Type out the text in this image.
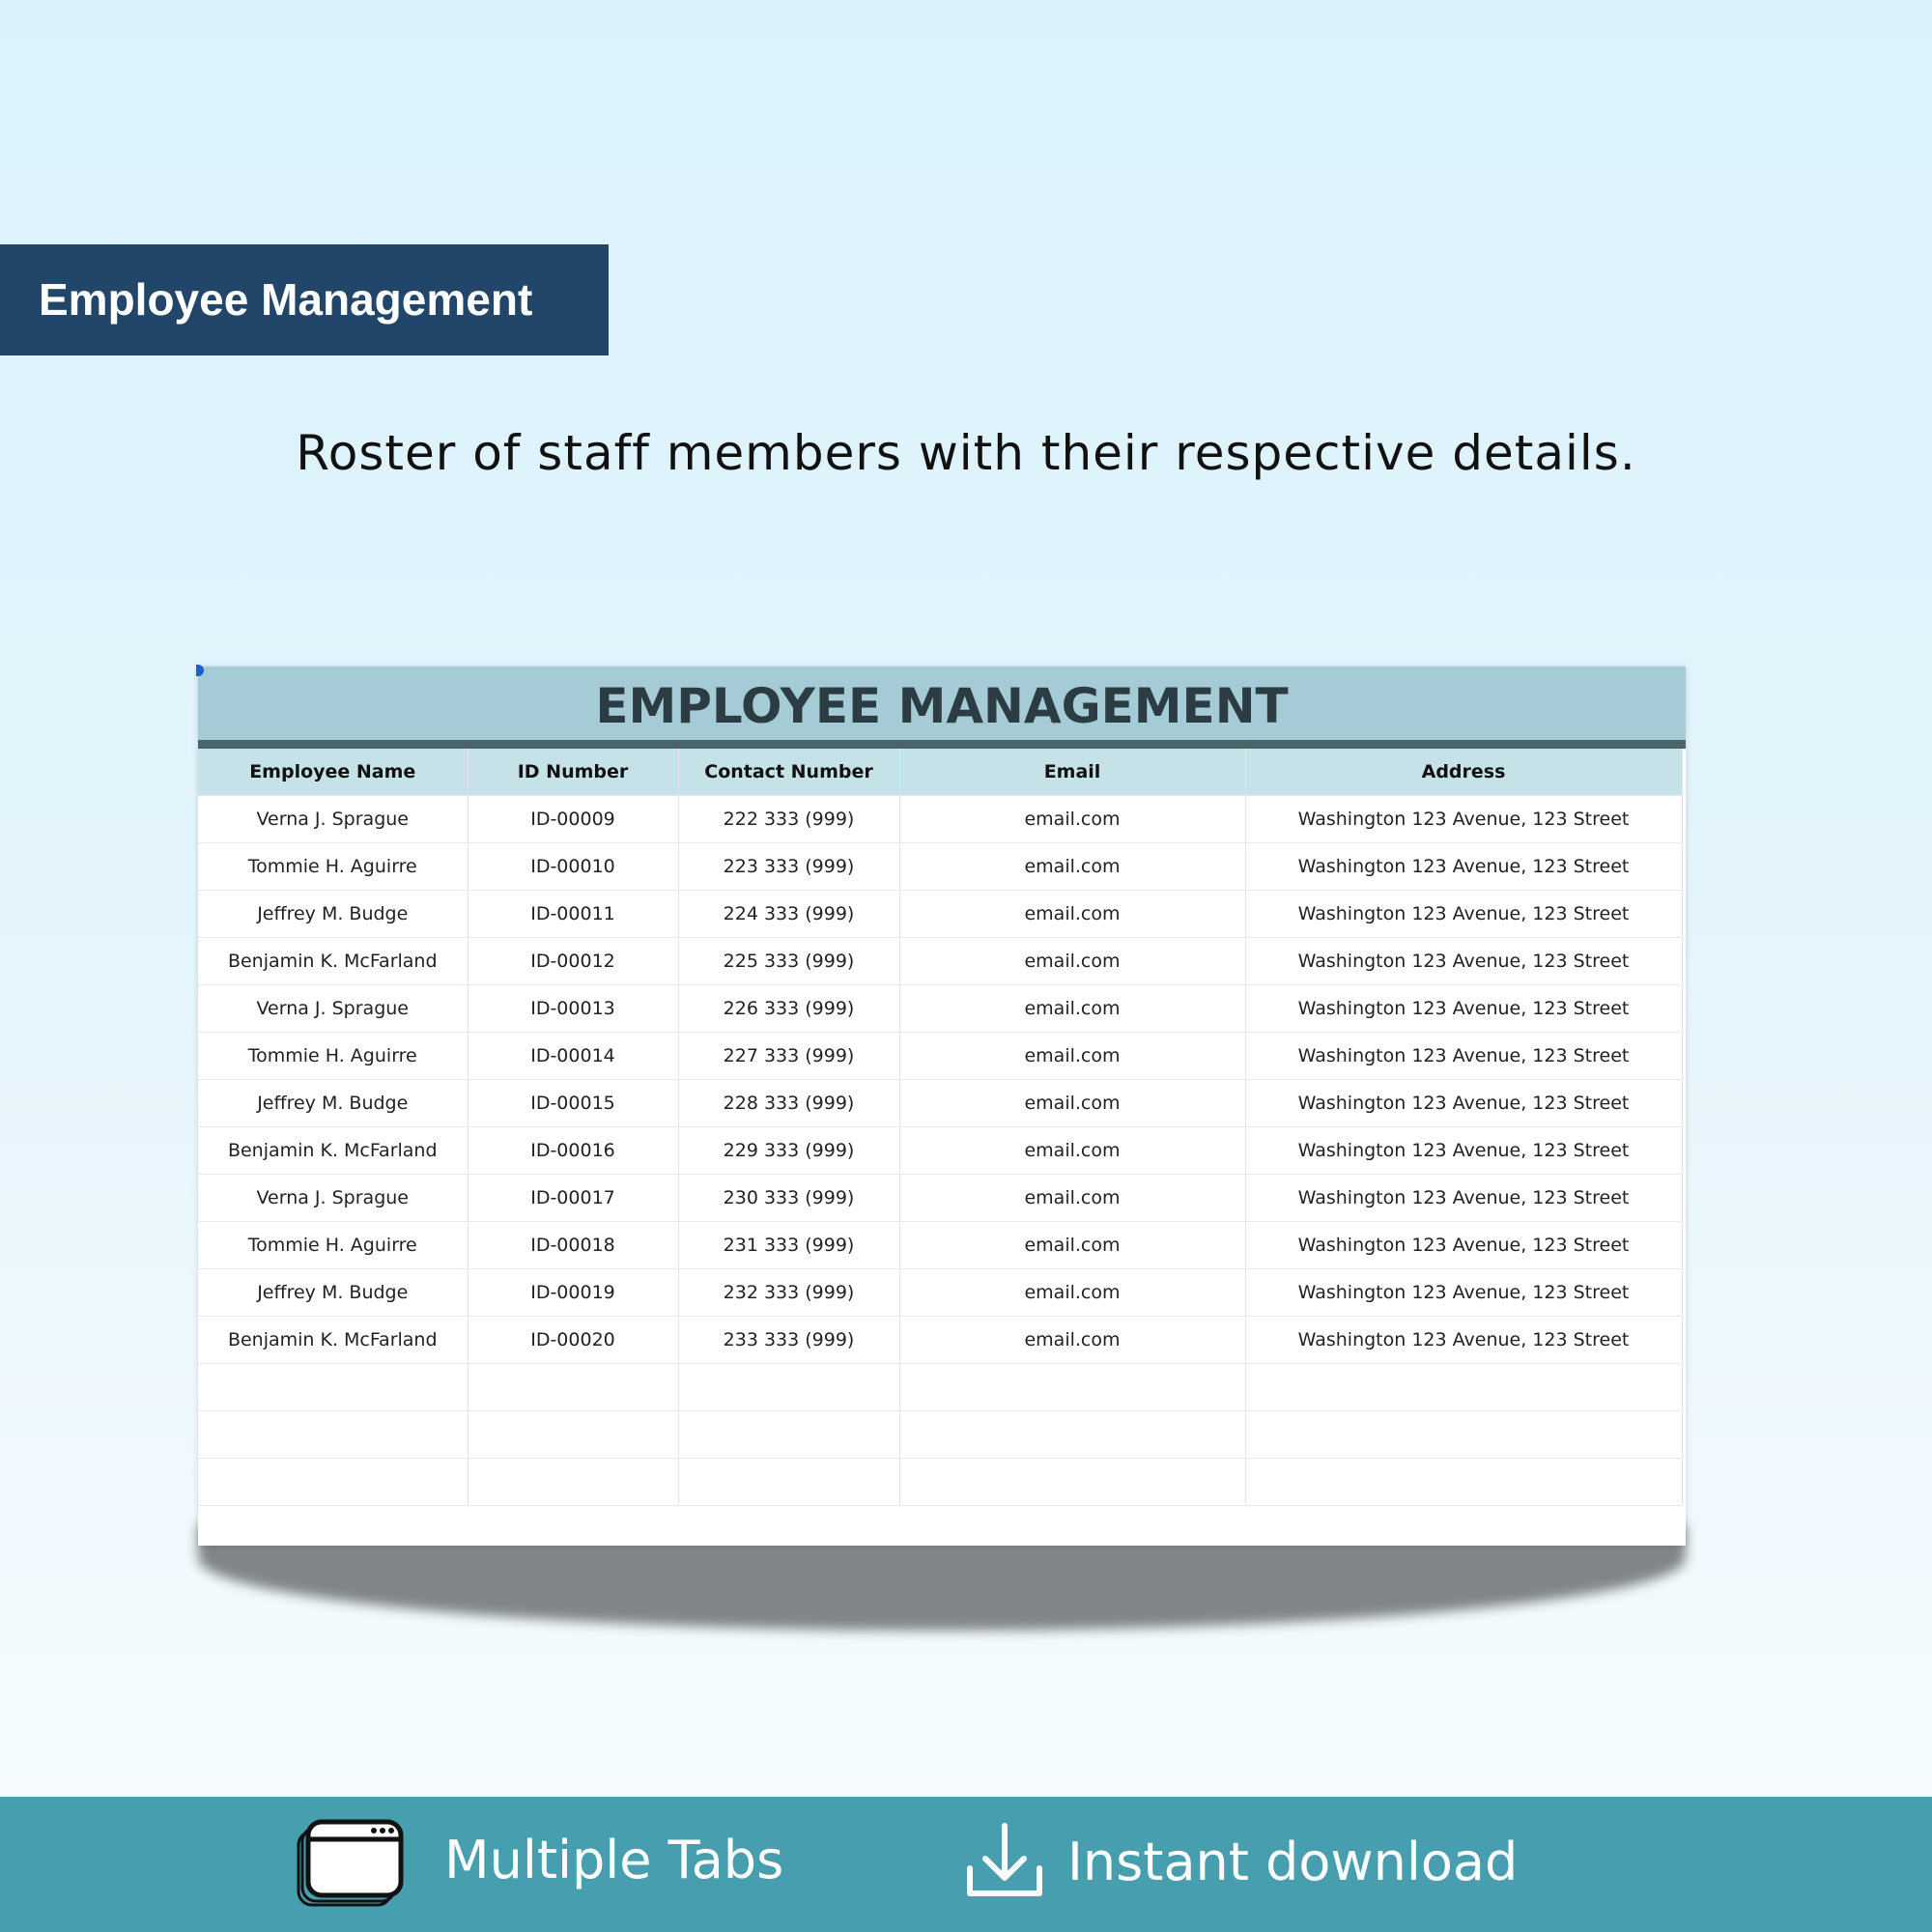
Employee Management
Roster of staff members with their respective details.
EMPLOYEE MANAGEMENT
Employee Name	ID Number	Contact Number	Email	Address
Verna J. Sprague	ID-00009	222 333 (999)	email.com	Washington 123 Avenue, 123 Street
Tommie H. Aguirre	ID-00010	223 333 (999)	email.com	Washington 123 Avenue, 123 Street
Jeffrey M. Budge	ID-00011	224 333 (999)	email.com	Washington 123 Avenue, 123 Street
Benjamin K. McFarland	ID-00012	225 333 (999)	email.com	Washington 123 Avenue, 123 Street
Verna J. Sprague	ID-00013	226 333 (999)	email.com	Washington 123 Avenue, 123 Street
Tommie H. Aguirre	ID-00014	227 333 (999)	email.com	Washington 123 Avenue, 123 Street
Jeffrey M. Budge	ID-00015	228 333 (999)	email.com	Washington 123 Avenue, 123 Street
Benjamin K. McFarland	ID-00016	229 333 (999)	email.com	Washington 123 Avenue, 123 Street
Verna J. Sprague	ID-00017	230 333 (999)	email.com	Washington 123 Avenue, 123 Street
Tommie H. Aguirre	ID-00018	231 333 (999)	email.com	Washington 123 Avenue, 123 Street
Jeffrey M. Budge	ID-00019	232 333 (999)	email.com	Washington 123 Avenue, 123 Street
Benjamin K. McFarland	ID-00020	233 333 (999)	email.com	Washington 123 Avenue, 123 Street

Multiple Tabs	Instant download
